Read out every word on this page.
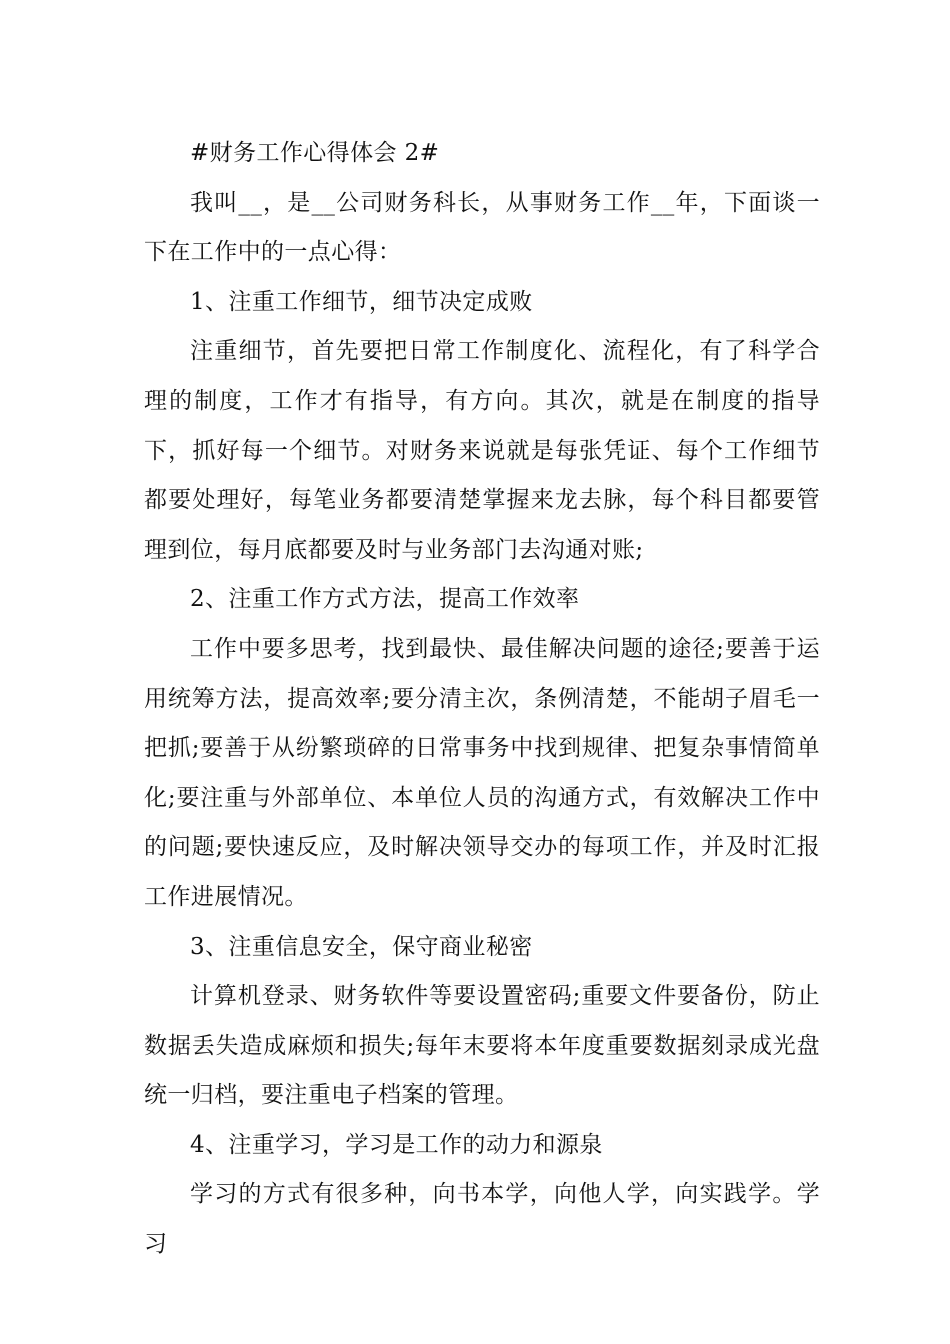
#财务工作心得体会 2#

我叫__，是__公司财务科长，从事财务工作__年，下面谈一下在工作中的一点心得：

1、注重工作细节，细节决定成败

注重细节，首先要把日常工作制度化、流程化，有了科学合理的制度，工作才有指导，有方向。其次，就是在制度的指导下，抓好每一个细节。对财务来说就是每张凭证、每个工作细节都要处理好，每笔业务都要清楚掌握来龙去脉，每个科目都要管理到位，每月底都要及时与业务部门去沟通对账;

2、注重工作方式方法，提高工作效率

工作中要多思考，找到最快、最佳解决问题的途径;要善于运用统筹方法，提高效率;要分清主次，条例清楚，不能胡子眉毛一把抓;要善于从纷繁琐碎的日常事务中找到规律、把复杂事情简单化;要注重与外部单位、本单位人员的沟通方式，有效解决工作中的问题;要快速反应，及时解决领导交办的每项工作，并及时汇报工作进展情况。

3、注重信息安全，保守商业秘密

计算机登录、财务软件等要设置密码;重要文件要备份，防止数据丢失造成麻烦和损失;每年末要将本年度重要数据刻录成光盘统一归档，要注重电子档案的管理。

4、注重学习，学习是工作的动力和源泉

学习的方式有很多种，向书本学，向他人学，向实践学。学习
